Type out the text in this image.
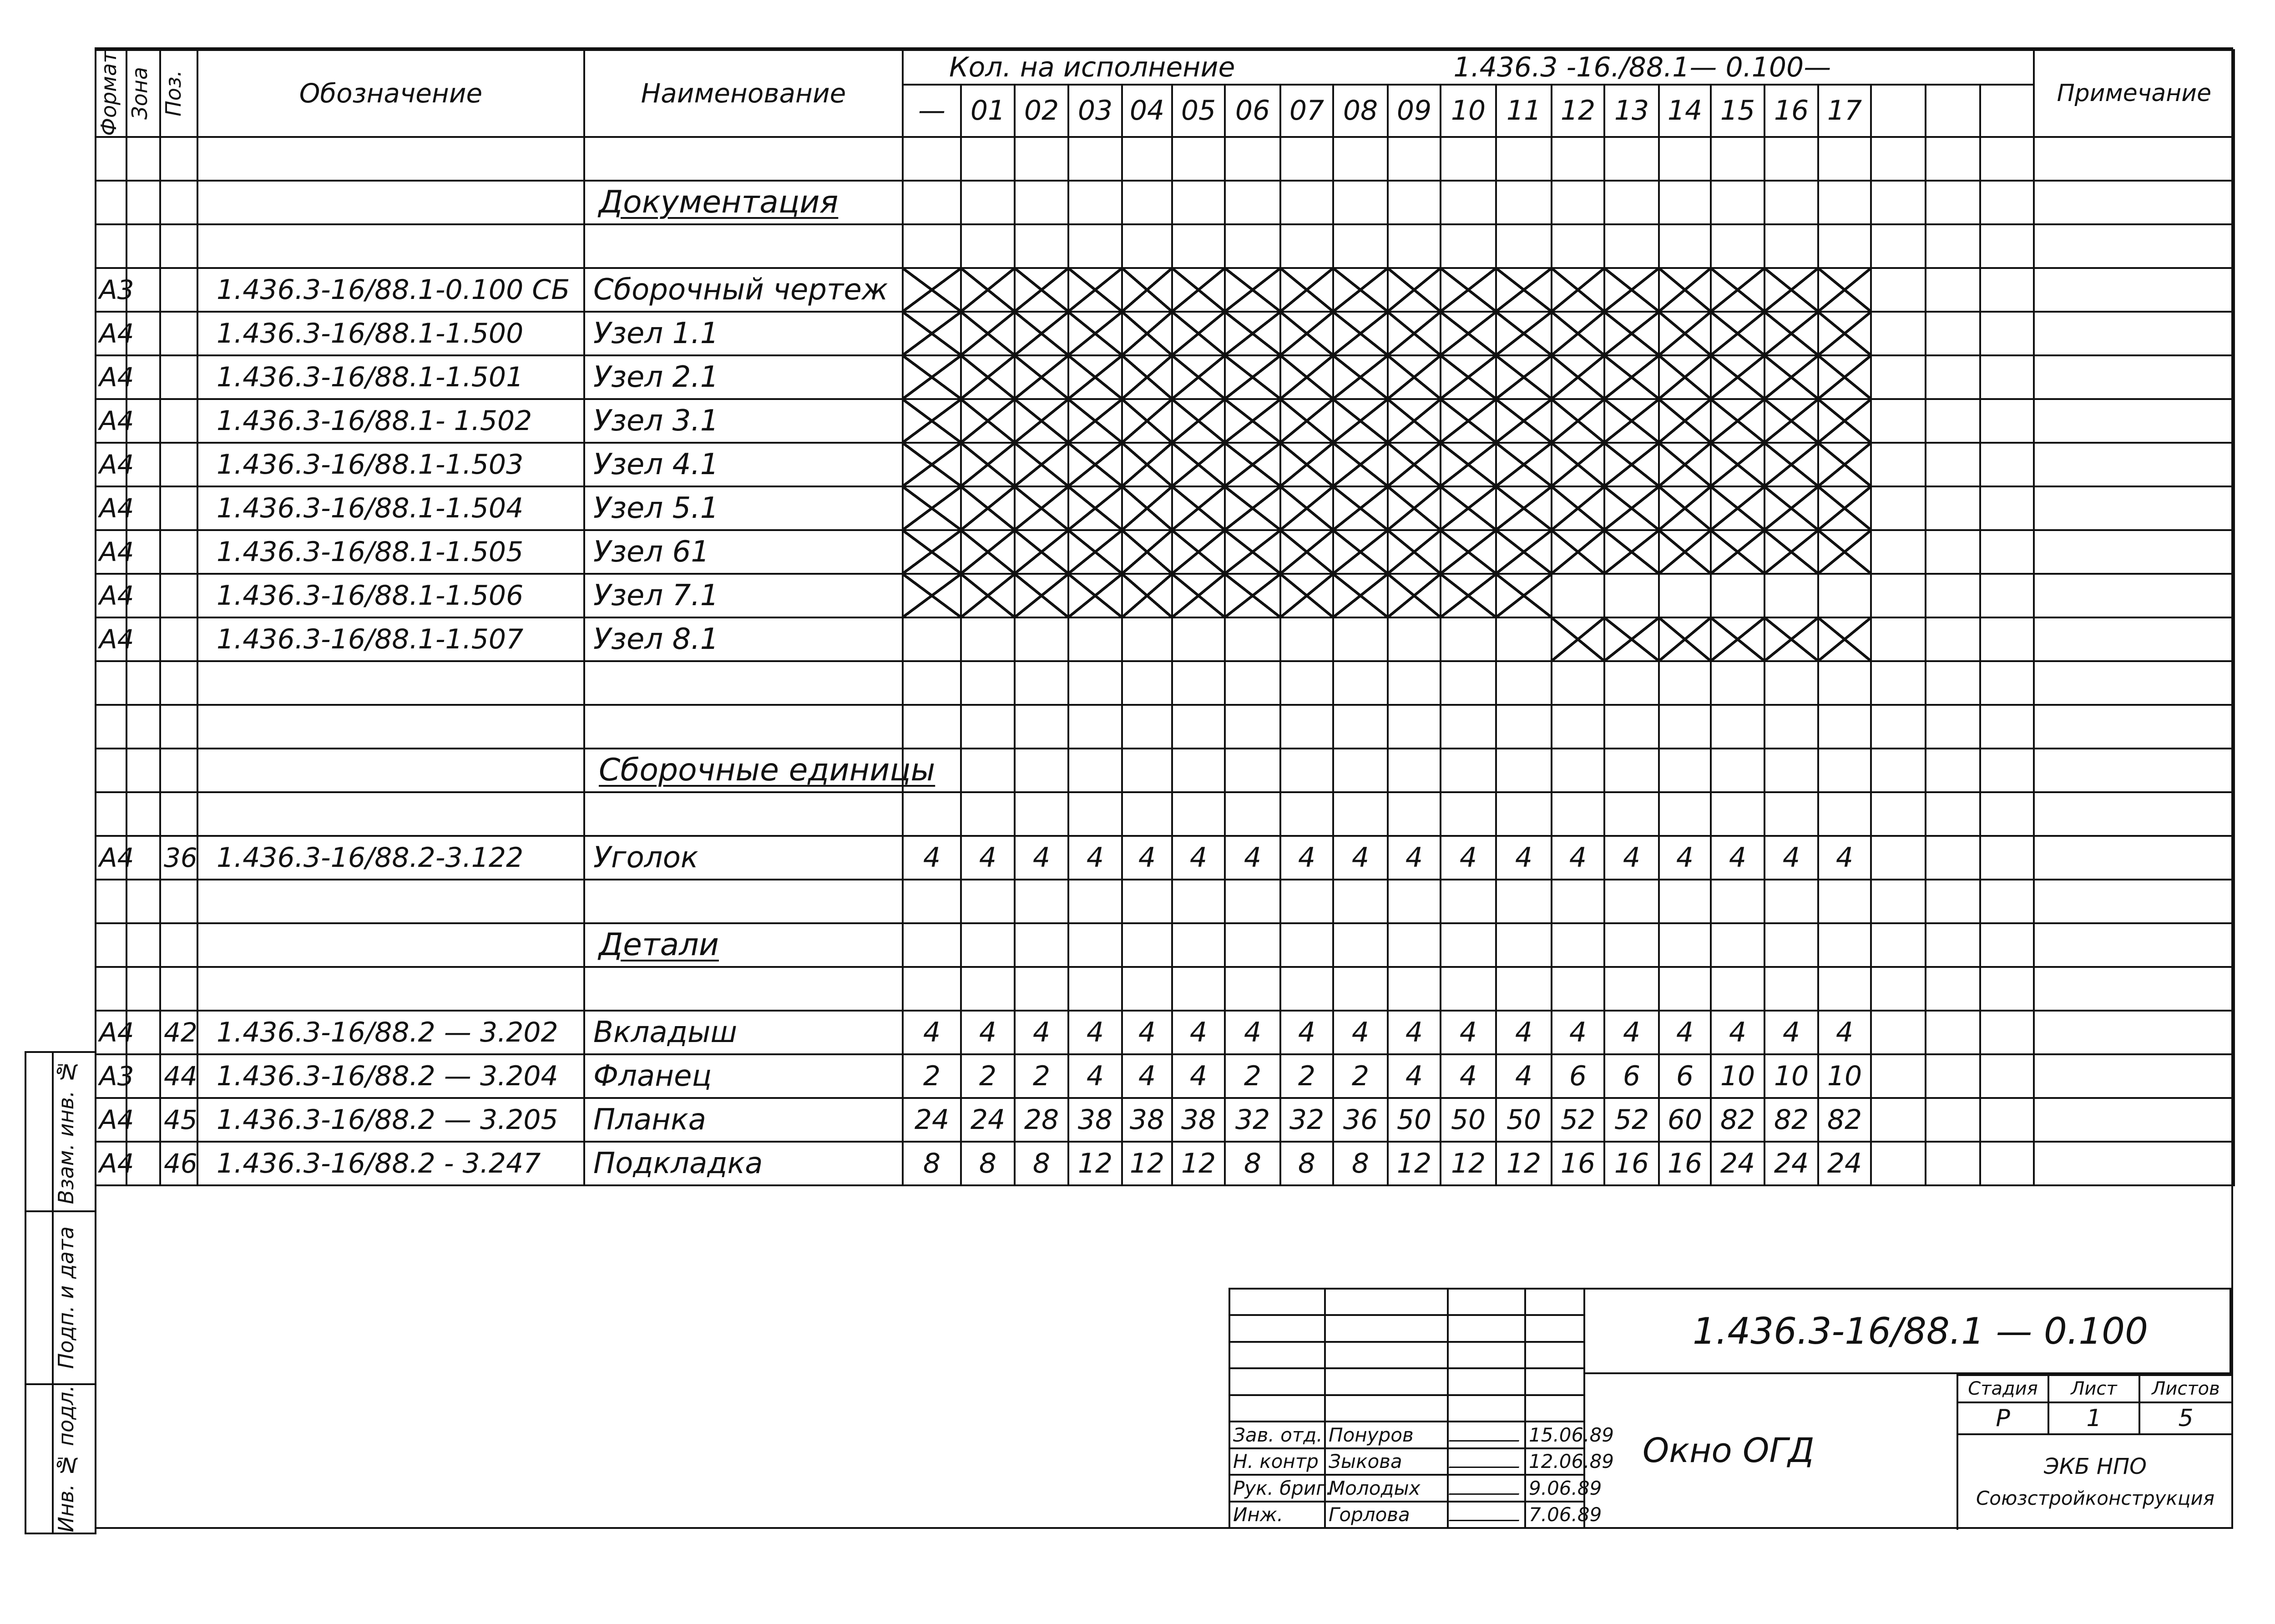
Формат	Зона	Поз.	Обозначение	Наименование	Кол. на исполнение 1.436.3 -16./88.1— 0.100—																					Примечание
					—	01	02	03	04	05	06	07	08	09	10	11	12	13	14	15	16	17				

				Документация																						

A3			1.436.3-16/88.1-0.100 СБ	Сборочный чертеж																						
A4			1.436.3-16/88.1-1.500	Узел 1.1																						
A4			1.436.3-16/88.1-1.501	Узел 2.1																						
A4			1.436.3-16/88.1- 1.502	Узел 3.1																						
A4			1.436.3-16/88.1-1.503	Узел 4.1																						
A4			1.436.3-16/88.1-1.504	Узел 5.1																						
A4			1.436.3-16/88.1-1.505	Узел 61																						
A4			1.436.3-16/88.1-1.506	Узел 7.1																						
A4			1.436.3-16/88.1-1.507	Узел 8.1																						

				Сборочные единицы																						

A4		36	1.436.3-16/88.2-3.122	Уголок	4	4	4	4	4	4	4	4	4	4	4	4	4	4	4	4	4	4				

				Детали																						

A4		42	1.436.3-16/88.2 — 3.202	Вкладыш	4	4	4	4	4	4	4	4	4	4	4	4	4	4	4	4	4	4				
A3		44	1.436.3-16/88.2 — 3.204	Фланец	2	2	2	4	4	4	2	2	2	4	4	4	6	6	6	10	10	10				
A4		45	1.436.3-16/88.2 — 3.205	Планка	24	24	28	38	38	38	32	32	36	50	50	50	52	52	60	82	82	82				
A4		46	1.436.3-16/88.2 - 3.247	Подкладка	8	8	8	12	12	12	8	8	8	12	12	12	16	16	16	24	24	24				

	Взам. инв. №

	Подп. и дата

	Инв. № подл.

				Зав. отд.	Понуров		15.06.89
Н. контр	Зыкова		12.06.89
Рук. бриг.	Молодых		9.06.89
Инж.	Горлова		7.06.89
1.436.3-16/88.1 — 0.100
Окно ОГД
Стадия	Лист	Листов
Р	1	5

ЭКБ НПО
Союзстройконструкция		
